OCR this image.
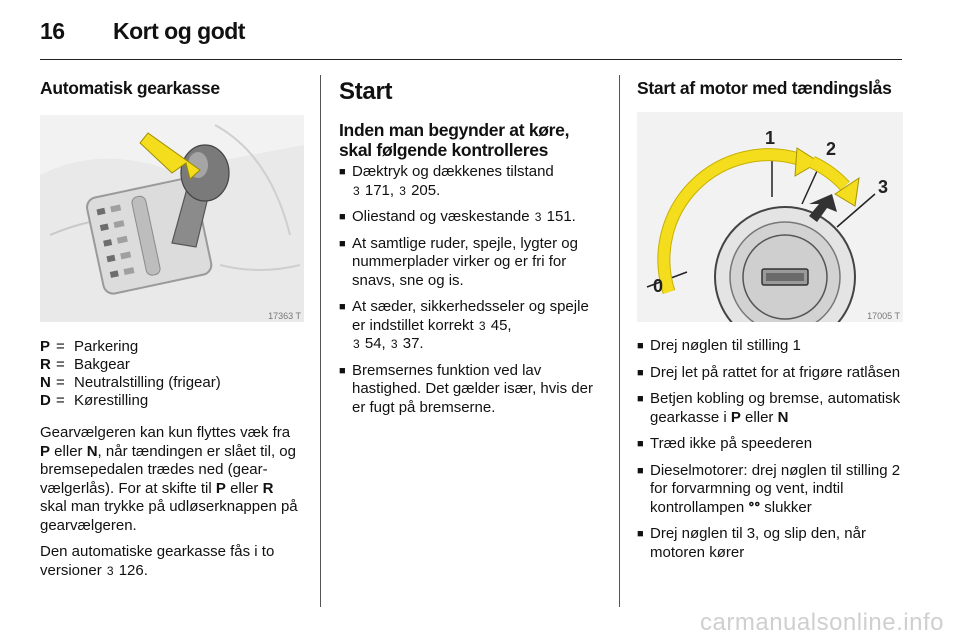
16 Kort og godt
Automatisk gearkasse
17363 T
P = Parkering
R = Bakgear
N = Neutralstilling (frigear)
D = Kørestilling

Gearvælgeren kan kun flyttes væk fra P eller N, når tændingen er slået til, og bremsepedalen trædes ned (gearvælgerlås). For at skifte til P eller R skal man trykke på udløserknappen på gearvælgeren.

Den automatiske gearkasse fås i to versioner 3 126.

Start
Inden man begynder at køre, skal følgende kontrolleres
■ Dæktryk og dækkenes tilstand
3 171, 3 205.
■ Oliestand og væskestande 3 151.
■ At samtlige ruder, spejle, lygter og nummerplader virker og er fri for snavs, sne og is.
■ At sæder, sikkerhedsseler og spejle er indstillet korrekt 3 45,
3 54, 3 37.
■ Bremsernes funktion ved lav hastighed. Det gælder især, hvis der er fugt på bremserne.
Start af motor med tændingslås
0
1
2
3
17005 T
■ Drej nøglen til stilling 1
■ Drej let på rattet for at frigøre ratlåsen
■ Betjen kobling og bremse, automatisk gearkasse i P eller N
■ Træd ikke på speederen
■ Dieselmotorer: drej nøglen til stilling 2 for forvarmning og vent, indtil kontrollampen ᐤᐤ slukker
■ Drej nøglen til 3, og slip den, når motoren kører
carmanualsonline.info
